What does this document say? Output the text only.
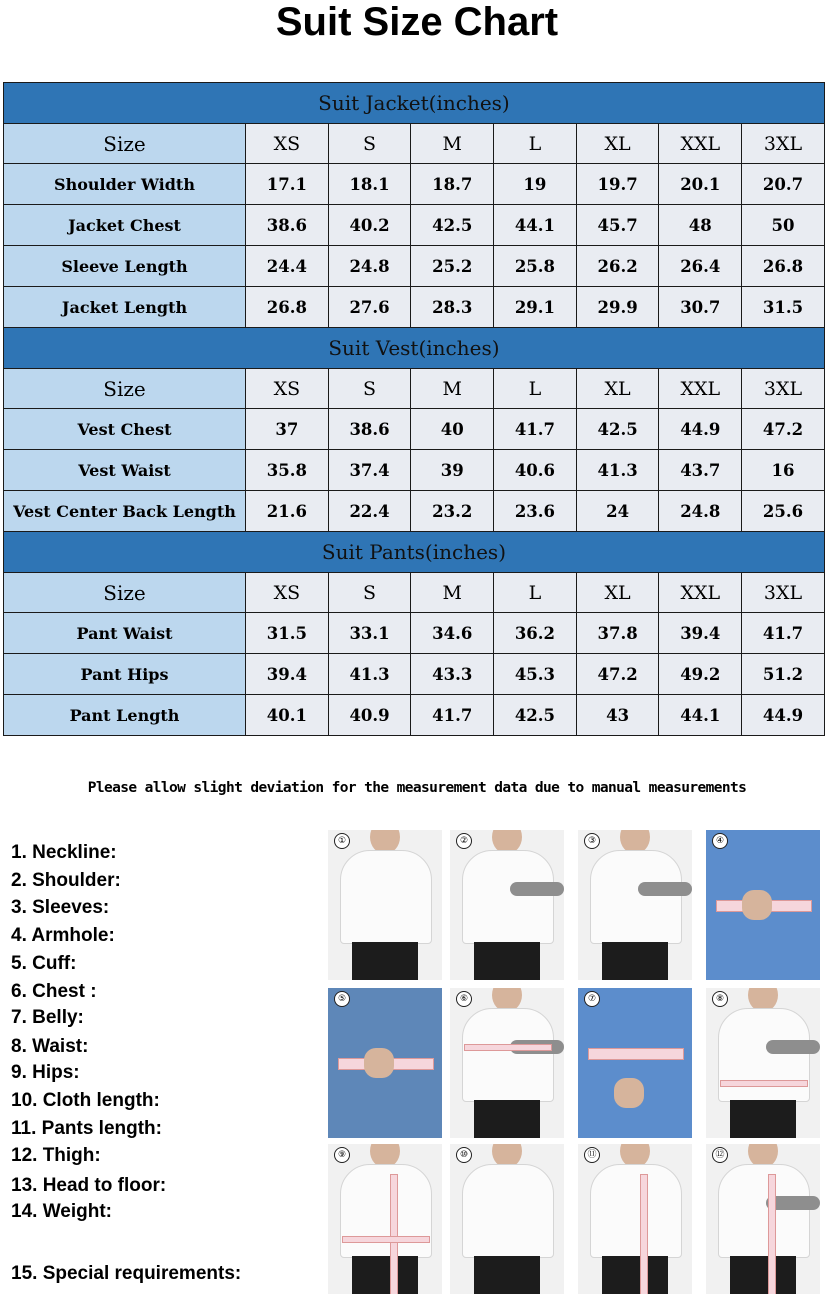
Suit Size Chart
Suit Jacket(inches)							
Size	XS	S	M	L	XL	XXL	3XL
Shoulder Width	17.1	18.1	18.7	19	19.7	20.1	20.7
Jacket Chest	38.6	40.2	42.5	44.1	45.7	48	50
Sleeve Length	24.4	24.8	25.2	25.8	26.2	26.4	26.8
Jacket Length	26.8	27.6	28.3	29.1	29.9	30.7	31.5
Suit Vest(inches)							
Size	XS	S	M	L	XL	XXL	3XL
Vest Chest	37	38.6	40	41.7	42.5	44.9	47.2
Vest Waist	35.8	37.4	39	40.6	41.3	43.7	16
Vest Center Back Length	21.6	22.4	23.2	23.6	24	24.8	25.6
Suit Pants(inches)							
Size	XS	S	M	L	XL	XXL	3XL
Pant Waist	31.5	33.1	34.6	36.2	37.8	39.4	41.7
Pant Hips	39.4	41.3	43.3	45.3	47.2	49.2	51.2
Pant Length	40.1	40.9	41.7	42.5	43	44.1	44.9
Please allow slight deviation for the measurement data due to manual measurements
1. Neckline:
2. Shoulder:
3. Sleeves:
4. Armhole:
5. Cuff:
6. Chest :
7. Belly:
8. Waist:
9. Hips:
10. Cloth length:
11. Pants length:
12. Thigh:
13. Head to floor:
14. Weight:
15. Special requirements:
①	②	③	④
⑤	⑥	⑦	⑧
⑨	⑩	⑪	⑫
